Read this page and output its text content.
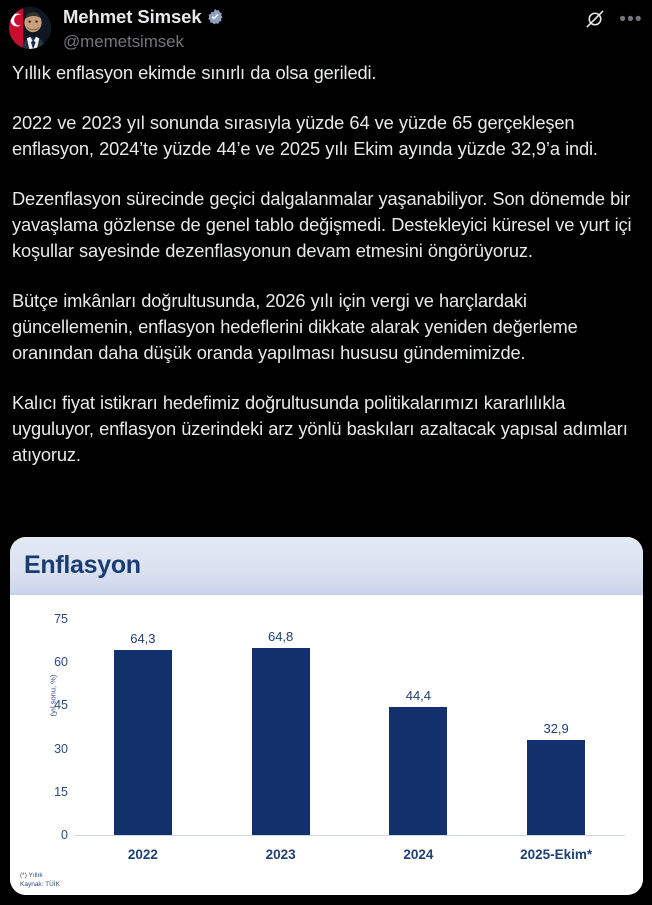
Mehmet Simsek
@memetsimsek
•••

Yıllık enflasyon ekimde sınırlı da olsa geriledi.

2022 ve 2023 yıl sonunda sırasıyla yüzde 64 ve yüzde 65 gerçekleşen enflasyon, 2024’te yüzde 44’e ve 2025 yılı Ekim ayında yüzde 32,9’a indi.

Dezenflasyon sürecinde geçici dalgalanmalar yaşanabiliyor. Son dönemde bir yavaşlama gözlense de genel tablo değişmedi. Destekleyici küresel ve yurt içi koşullar sayesinde dezenflasyonun devam etmesini öngörüyoruz.

Bütçe imkânları doğrultusunda, 2026 yılı için vergi ve harçlardaki güncellemenin, enflasyon hedeflerini dikkate alarak yeniden değerleme oranından daha düşük oranda yapılması hususu gündemimizde.

Kalıcı fiyat istikrarı hedefimiz doğrultusunda politikalarımızı kararlılıkla uyguluyor, enflasyon üzerindeki arz yönlü baskıları azaltacak yapısal adımları atıyoruz.

Enflasyon
(yıl sonu, %)
75
60
45
30
15
0
64,3
2022
64,8
2023
44,4
2024
32,9
2025-Ekim*
(*) Yıllık
Kaynak: TÜİK
